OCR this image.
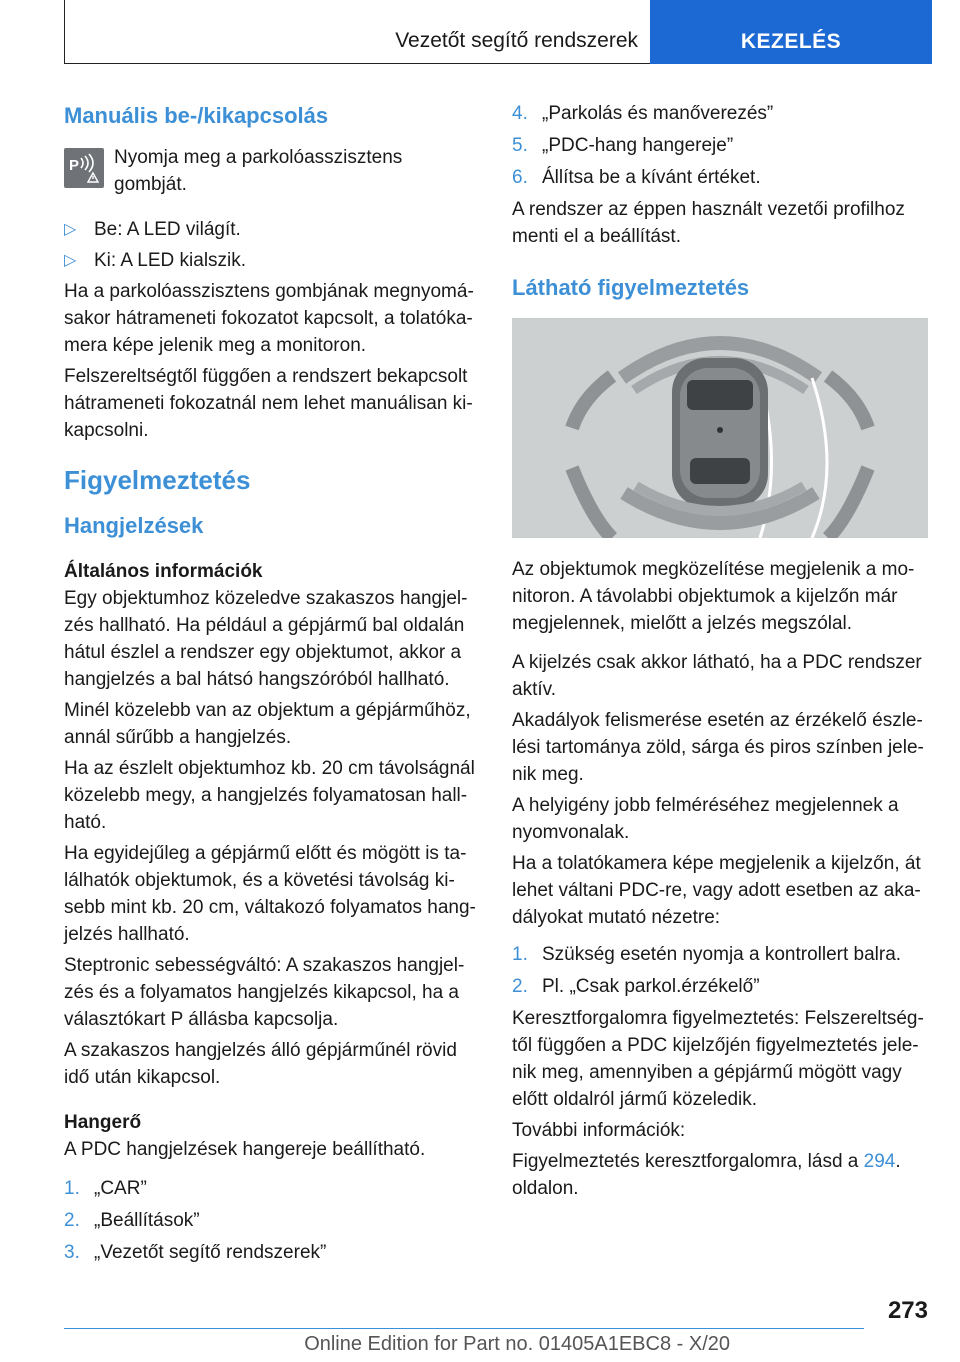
Vezetőt segítő rendszerek	KEZELÉS
Manuális be-/kikapcsolás
P Nyomja meg a parkolóasszisztens gombját.
▷ Be: A LED világít.
▷ Ki: A LED kialszik.

Ha a parkolóasszisztens gombjának megnyomásakor hátrameneti fokozatot kapcsolt, a tolatókamera képe jelenik meg a monitoron.

Felszereltségtől függően a rendszert bekapcsolt hátrameneti fokozatnál nem lehet manuálisan kikapcsolni.

Figyelmeztetés
Hangjelzések
Általános információk

Egy objektumhoz közeledve szakaszos hangjelzés hallható. Ha például a gépjármű bal oldalán hátul észlel a rendszer egy objektumot, akkor a hangjelzés a bal hátsó hangszóróból hallható.

Minél közelebb van az objektum a gépjárműhöz, annál sűrűbb a hangjelzés.

Ha az észlelt objektumhoz kb. 20 cm távolságnál közelebb megy, a hangjelzés folyamatosan hallható.

Ha egyidejűleg a gépjármű előtt és mögött is találhatók objektumok, és a követési távolság kisebb mint kb. 20 cm, váltakozó folyamatos hangjelzés hallható.

Steptronic sebességváltó: A szakaszos hangjelzés és a folyamatos hangjelzés kikapcsol, ha a választókart P állásba kapcsolja.

A szakaszos hangjelzés álló gépjárműnél rövid idő után kikapcsol.

Hangerő

A PDC hangjelzések hangereje beállítható.

1. „CAR”
2. „Beállítások”
3. „Vezetőt segítő rendszerek”
4. „Parkolás és manőverezés”
5. „PDC-hang hangereje”
6. Állítsa be a kívánt értéket.

A rendszer az éppen használt vezetői profilhoz menti el a beállítást.

Látható figyelmeztetés

Az objektumok megközelítése megjelenik a monitoron. A távolabbi objektumok a kijelzőn már megjelennek, mielőtt a jelzés megszólal.

A kijelzés csak akkor látható, ha a PDC rendszer aktív.

Akadályok felismerése esetén az érzékelő észlelési tartománya zöld, sárga és piros színben jelenik meg.

A helyigény jobb felméréséhez megjelennek a nyomvonalak.

Ha a tolatókamera képe megjelenik a kijelzőn, át lehet váltani PDC-re, vagy adott esetben az akadályokat mutató nézetre:

1. Szükség esetén nyomja a kontrollert balra.
2. Pl. „Csak parkol.érzékelő”

Keresztforgalomra figyelmeztetés: Felszereltségtől függően a PDC kijelzőjén figyelmeztetés jelenik meg, amennyiben a gépjármű mögött vagy előtt oldalról jármű közeledik.

További információk:

Figyelmeztetés keresztforgalomra, lásd a 294.
oldalon.

273
Online Edition for Part no. 01405A1EBC8 - X/20
